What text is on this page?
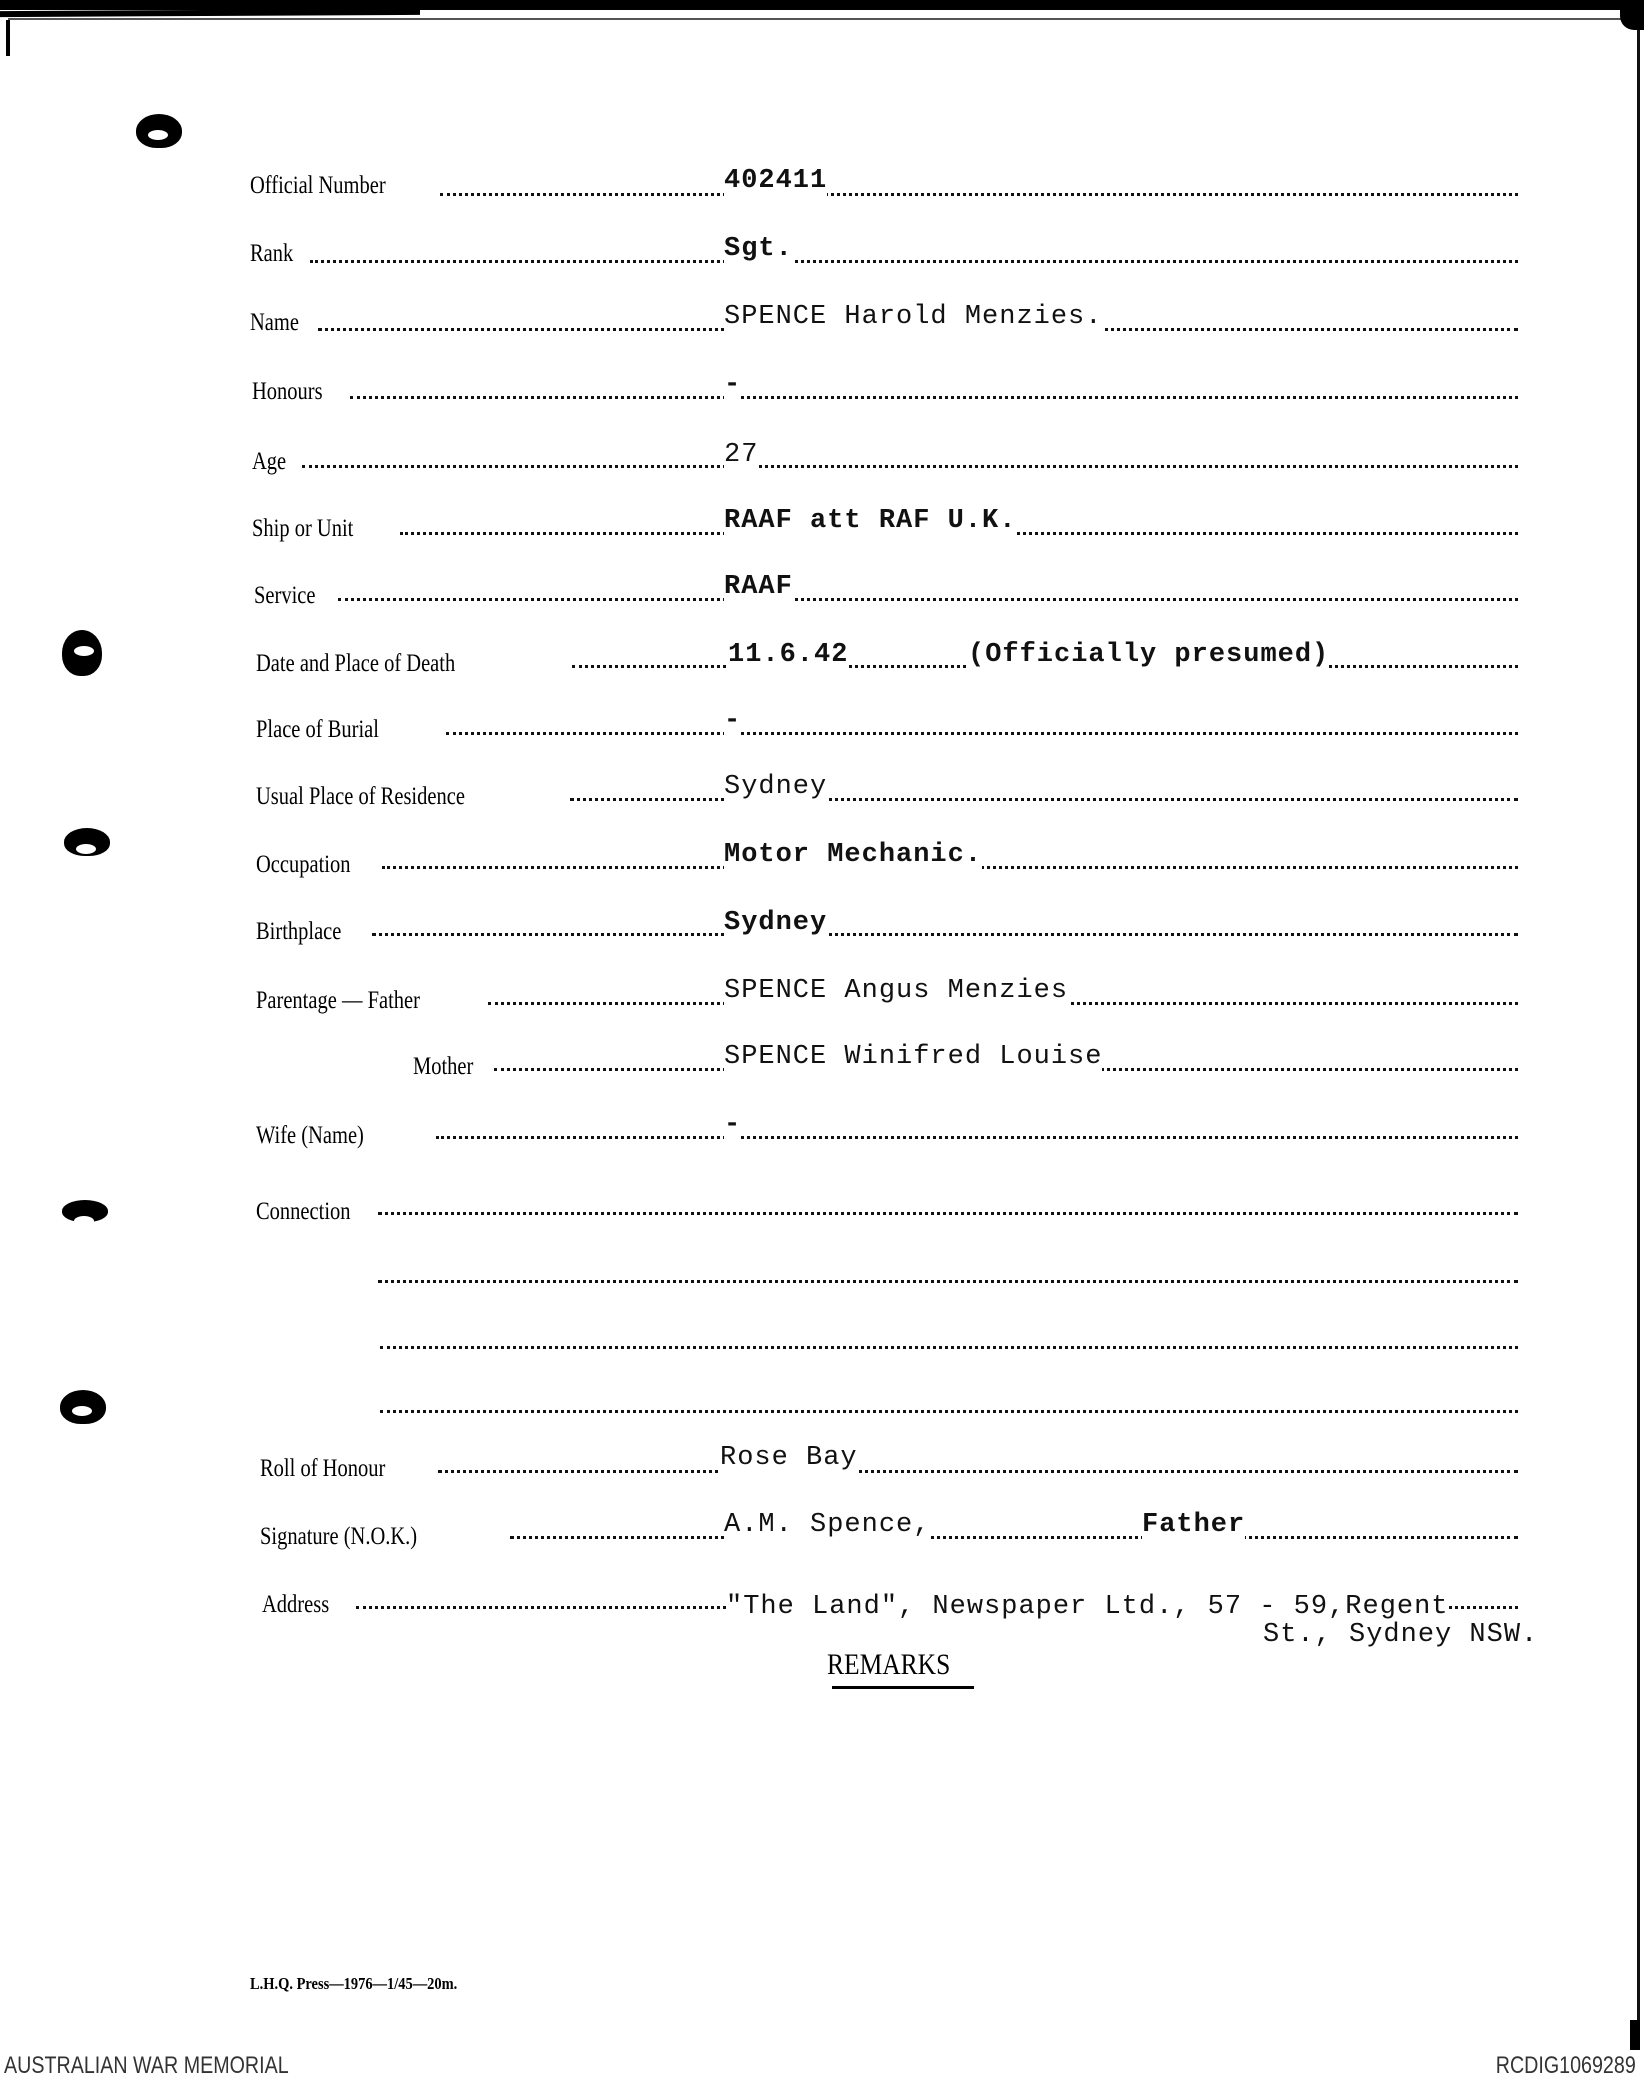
Official Number	402411
Rank	Sgt.
Name	SPENCE Harold Menzies.
Honours	-
Age	27
Ship or Unit	RAAF att RAF U.K.
Service	RAAF
Date and Place of Death	11.6.42	(Officially presumed)
Place of Burial	-
Usual Place of Residence	Sydney
Occupation	Motor Mechanic.
Birthplace	Sydney
Parentage — Father	SPENCE Angus Menzies
Mother	SPENCE Winifred Louise
Wife (Name)	-
Connection
Roll of Honour	Rose Bay
Signature (N.O.K.)	A.M. Spence,	Father
Address	"The Land", Newspaper Ltd., 57 - 59,Regent
St., Sydney NSW.
REMARKS
L.H.Q. Press—1976—1/45—20m.
AUSTRALIAN WAR MEMORIAL	RCDIG1069289
